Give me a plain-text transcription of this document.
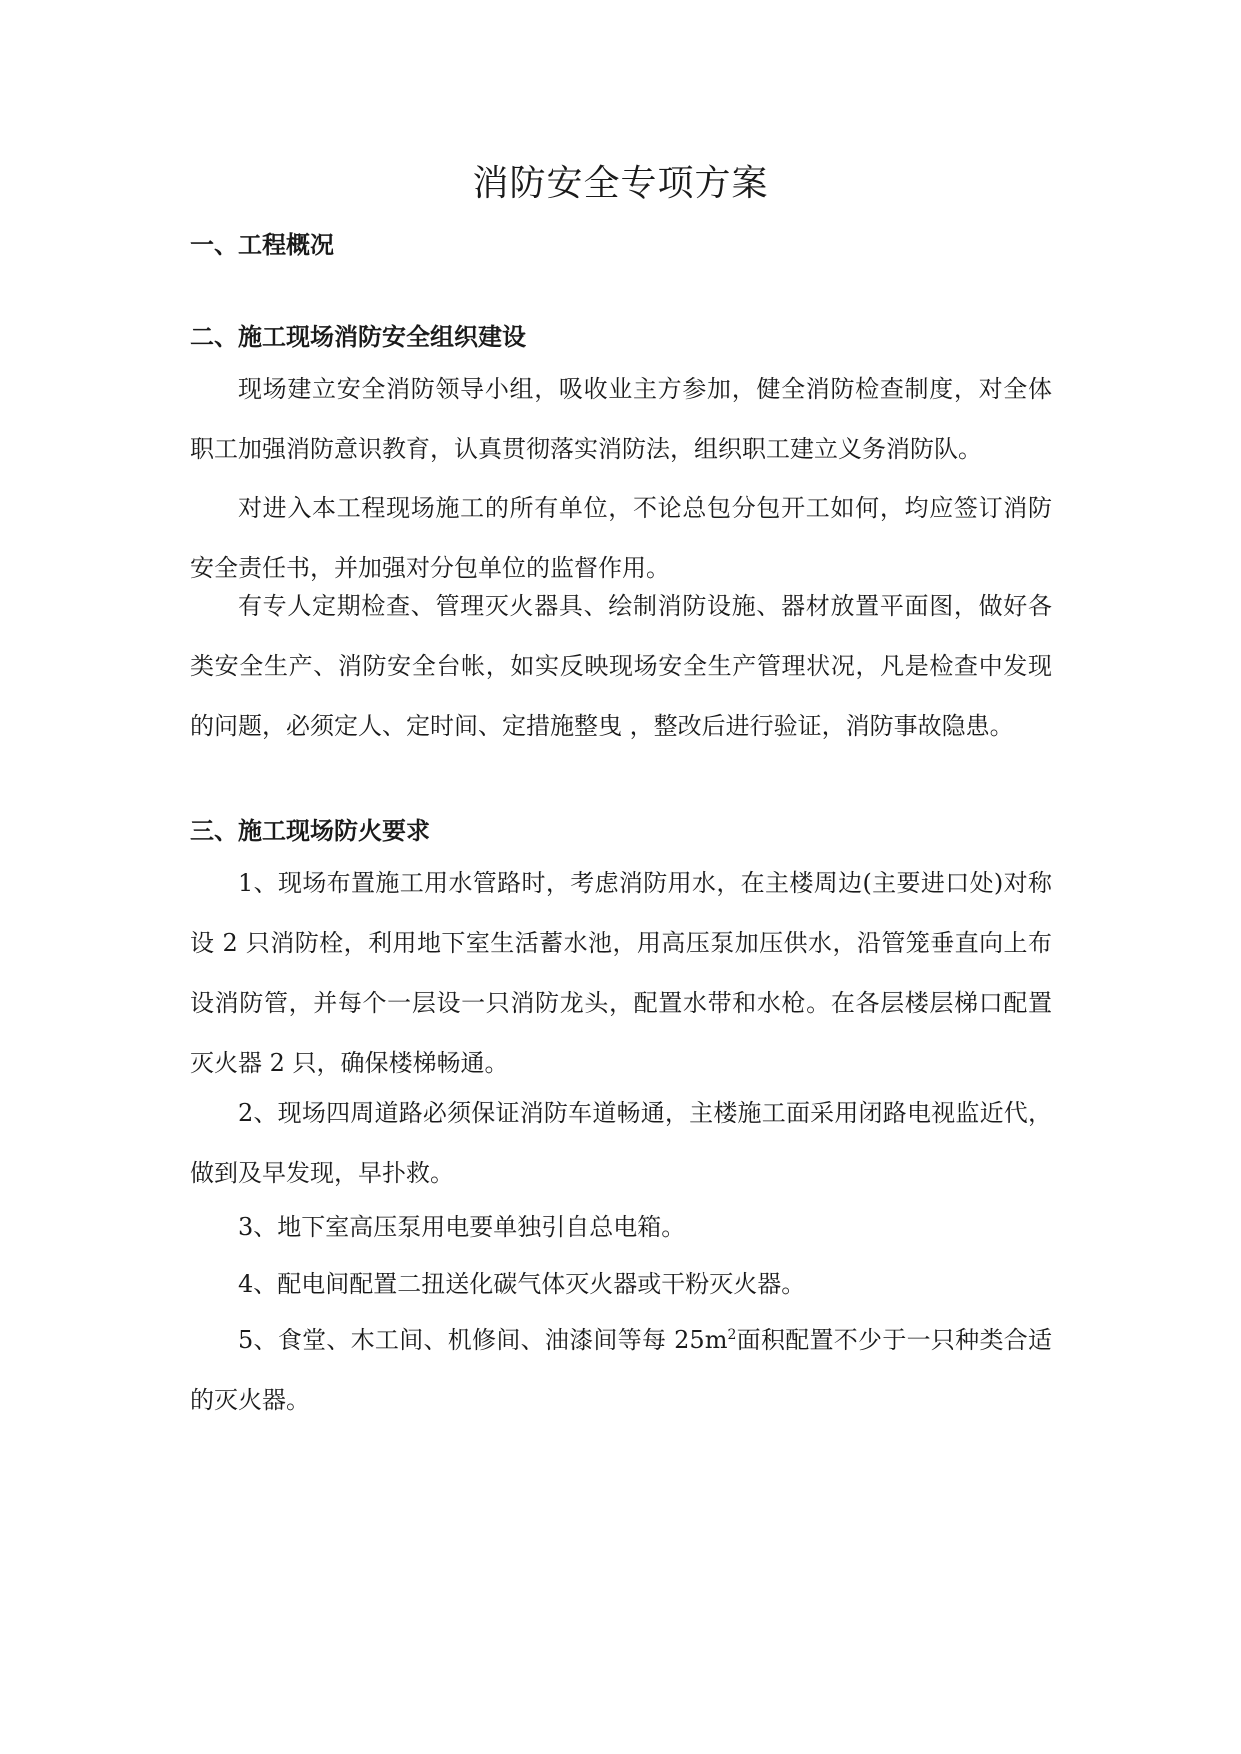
消防安全专项方案
一、工程概况
二、施工现场消防安全组织建设

现场建立安全消防领导小组，吸收业主方参加，健全消防检查制度，对全体职工加强消防意识教育，认真贯彻落实消防法，组织职工建立义务消防队。

对进入本工程现场施工的所有单位，不论总包分包开工如何，均应签订消防安全责任书，并加强对分包单位的监督作用。

有专人定期检查、管理灭火器具、绘制消防设施、器材放置平面图，做好各类安全生产、消防安全台帐，如实反映现场安全生产管理状况，凡是检查中发现的问题，必须定人、定时间、定措施整曳 ，整改后进行验证，消防事故隐患。

三、施工现场防火要求

1、现场布置施工用水管路时，考虑消防用水，在主楼周边(主要进口处)对称设 2 只消防栓，利用地下室生活蓄水池，用高压泵加压供水，沿管笼垂直向上布设消防管，并每个一层设一只消防龙头，配置水带和水枪。在各层楼层梯口配置灭火器 2 只，确保楼梯畅通。

2、现场四周道路必须保证消防车道畅通，主楼施工面采用闭路电视监近代，做到及早发现，早扑救。

3、地下室高压泵用电要单独引自总电箱。

4、配电间配置二扭送化碳气体灭火器或干粉灭火器。

5、食堂、木工间、机修间、油漆间等每 $25m^2$面积配置不少于一只种类合适的灭火器。
